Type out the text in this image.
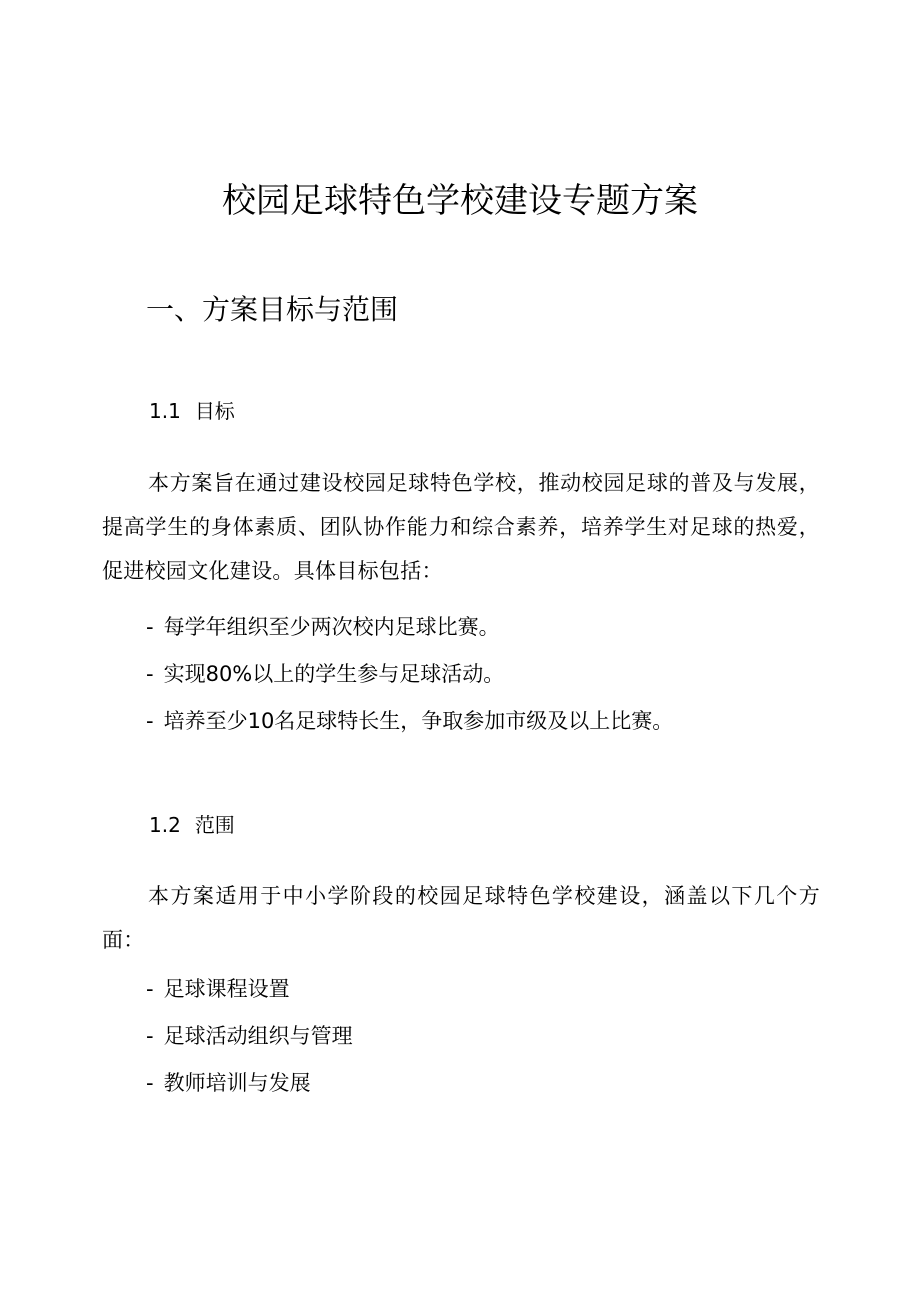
校园足球特色学校建设专题方案
一、方案目标与范围
1.1 目标

本方案旨在通过建设校园足球特色学校，推动校园足球的普及与发展，提高学生的身体素质、团队协作能力和综合素养，培养学生对足球的热爱，促进校园文化建设。具体目标包括：

- 每学年组织至少两次校内足球比赛。
- 实现80%以上的学生参与足球活动。
- 培养至少10名足球特长生，争取参加市级及以上比赛。
1.2 范围

本方案适用于中小学阶段的校园足球特色学校建设，涵盖以下几个方面：

- 足球课程设置
- 足球活动组织与管理
- 教师培训与发展
